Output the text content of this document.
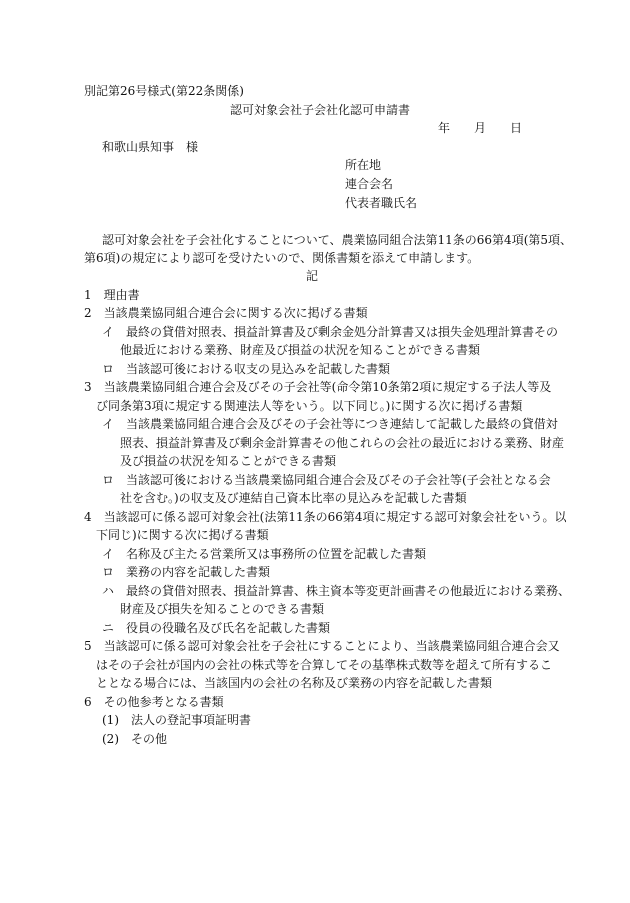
別記第26号様式(第22条関係)
認可対象会社子会社化認可申請書
年　　月　　日
和歌山県知事　様
所在地
連合会名
代表者職氏名
認可対象会社を子会社化することについて、農業協同組合法第11条の66第4項(第5項、
第6項)の規定により認可を受けたいので、関係書類を添えて申請します。
記
1　理由書
2　当該農業協同組合連合会に関する次に掲げる書類
イ　最終の貸借対照表、損益計算書及び剰余金処分計算書又は損失金処理計算書その
他最近における業務、財産及び損益の状況を知ることができる書類
ロ　当該認可後における収支の見込みを記載した書類
3　当該農業協同組合連合会及びその子会社等(命令第10条第2項に規定する子法人等及
び同条第3項に規定する関連法人等をいう。以下同じ。)に関する次に掲げる書類
イ　当該農業協同組合連合会及びその子会社等につき連結して記載した最終の貸借対
照表、損益計算書及び剰余金計算書その他これらの会社の最近における業務、財産
及び損益の状況を知ることができる書類
ロ　当該認可後における当該農業協同組合連合会及びその子会社等(子会社となる会
社を含む。)の収支及び連結自己資本比率の見込みを記載した書類
4　当該認可に係る認可対象会社(法第11条の66第4項に規定する認可対象会社をいう。以
下同じ)に関する次に掲げる書類
イ　名称及び主たる営業所又は事務所の位置を記載した書類
ロ　業務の内容を記載した書類
ハ　最終の貸借対照表、損益計算書、株主資本等変更計画書その他最近における業務、
財産及び損失を知ることのできる書類
ニ　役員の役職名及び氏名を記載した書類
5　当該認可に係る認可対象会社を子会社にすることにより、当該農業協同組合連合会又
はその子会社が国内の会社の株式等を合算してその基準株式数等を超えて所有するこ
ととなる場合には、当該国内の会社の名称及び業務の内容を記載した書類
6　その他参考となる書類
(1)　法人の登記事項証明書
(2)　その他
